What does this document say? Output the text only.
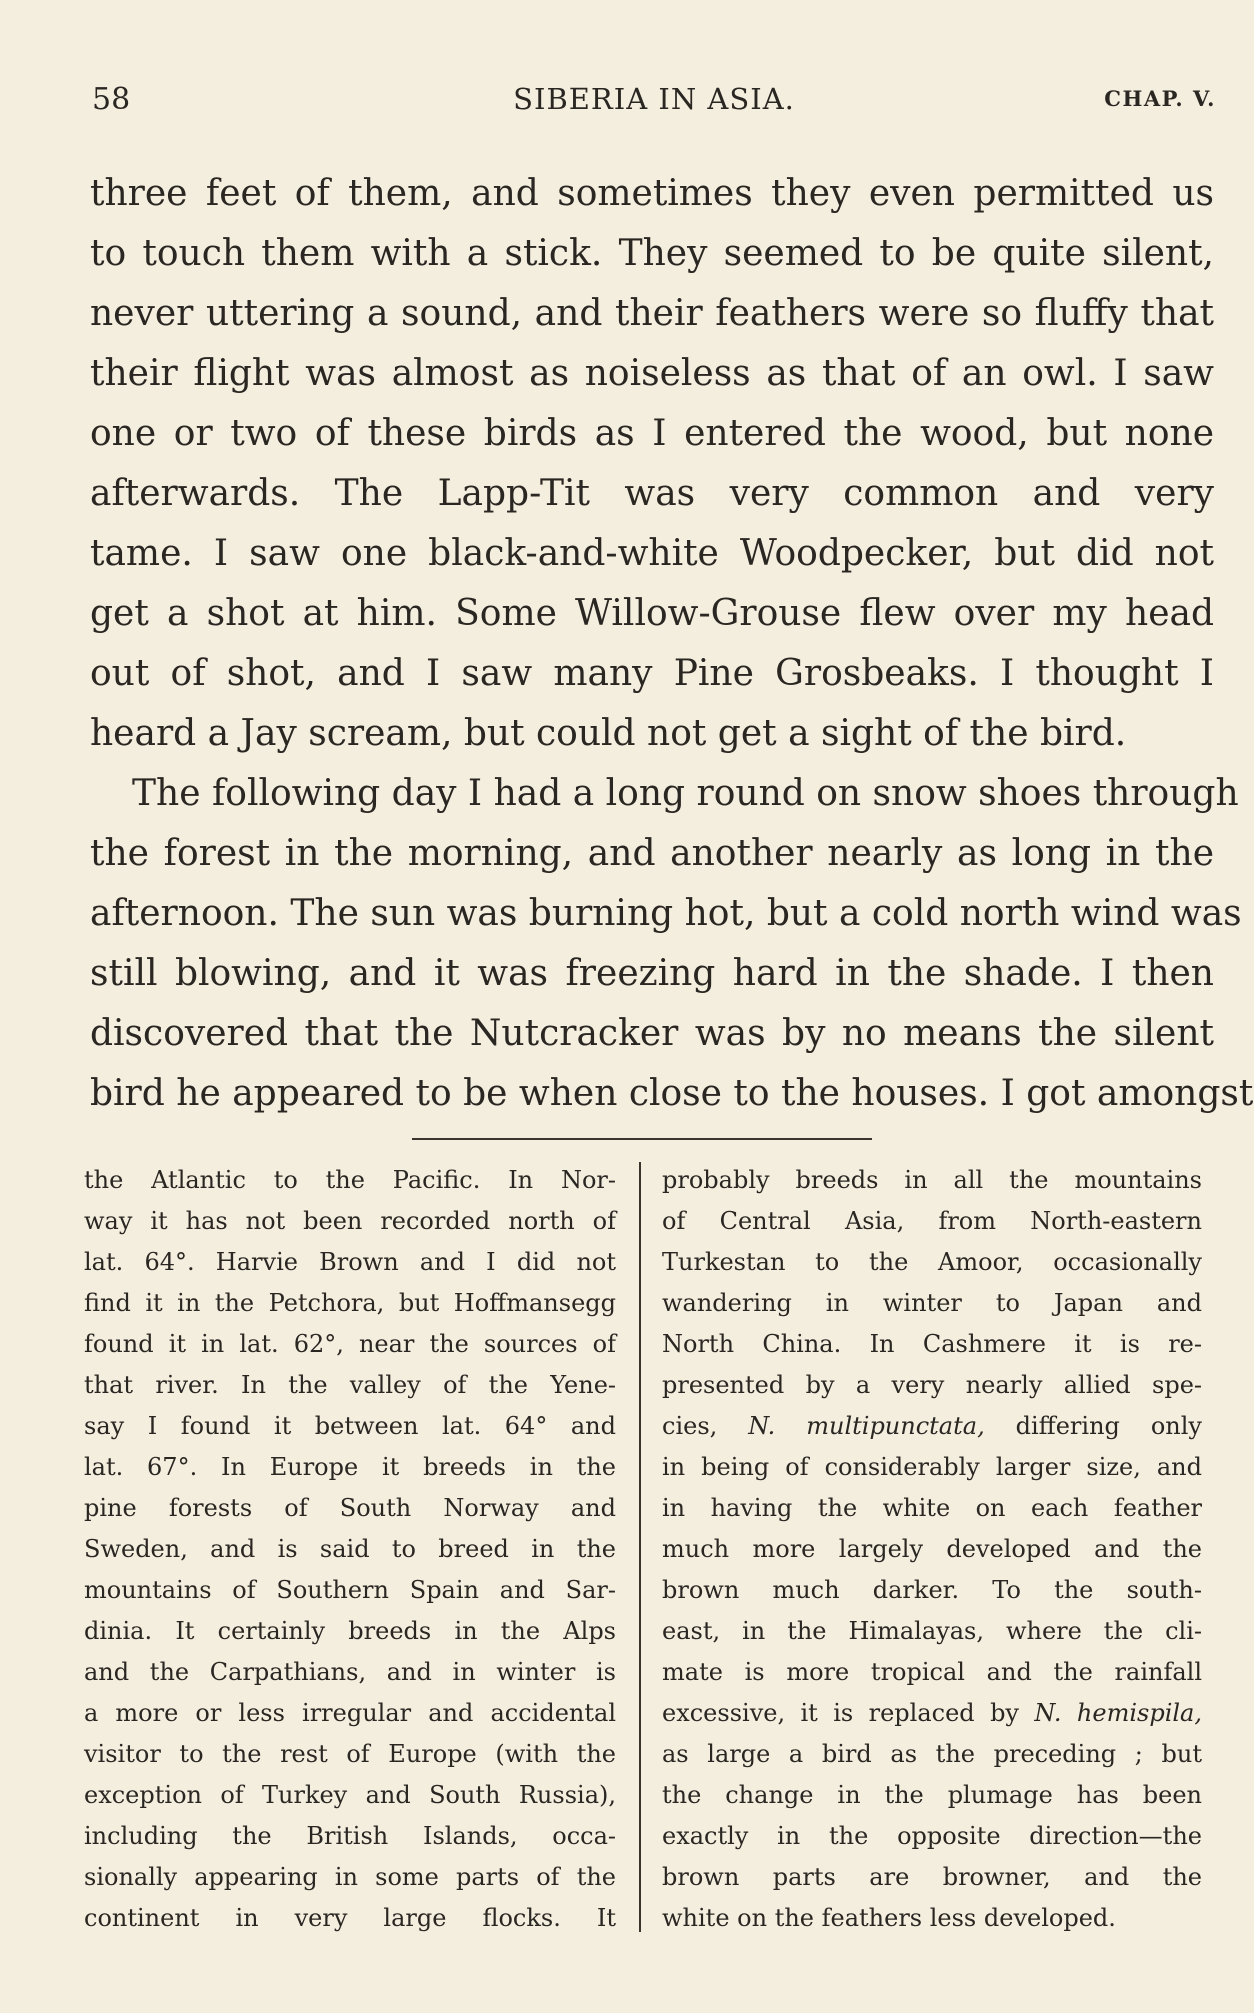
58	SIBERIA IN ASIA.	CHAP. V.
three feet of them, and sometimes they even permitted us
to touch them with a stick. They seemed to be quite silent,
never uttering a sound, and their feathers were so fluffy that
their flight was almost as noiseless as that of an owl. I saw
one or two of these birds as I entered the wood, but none
afterwards. The Lapp-Tit was very common and very
tame. I saw one black-and-white Woodpecker, but did not
get a shot at him. Some Willow-Grouse flew over my head
out of shot, and I saw many Pine Grosbeaks. I thought I
heard a Jay scream, but could not get a sight of the bird.
The following day I had a long round on snow shoes through
the forest in the morning, and another nearly as long in the
afternoon. The sun was burning hot, but a cold north wind was
still blowing, and it was freezing hard in the shade. I then
discovered that the Nutcracker was by no means the silent
bird he appeared to be when close to the houses. I got amongst
the Atlantic to the Pacific. In Nor-
way it has not been recorded north of
lat. 64°. Harvie Brown and I did not
find it in the Petchora, but Hoffmansegg
found it in lat. 62°, near the sources of
that river. In the valley of the Yene-
say I found it between lat. 64° and
lat. 67°. In Europe it breeds in the
pine forests of South Norway and
Sweden, and is said to breed in the
mountains of Southern Spain and Sar-
dinia. It certainly breeds in the Alps
and the Carpathians, and in winter is
a more or less irregular and accidental
visitor to the rest of Europe (with the
exception of Turkey and South Russia),
including the British Islands, occa-
sionally appearing in some parts of the
continent in very large flocks. It
probably breeds in all the mountains
of Central Asia, from North-eastern
Turkestan to the Amoor, occasionally
wandering in winter to Japan and
North China. In Cashmere it is re-
presented by a very nearly allied spe-
cies, N. multipunctata, differing only
in being of considerably larger size, and
in having the white on each feather
much more largely developed and the
brown much darker. To the south-
east, in the Himalayas, where the cli-
mate is more tropical and the rainfall
excessive, it is replaced by N. hemispila,
as large a bird as the preceding ; but
the change in the plumage has been
exactly in the opposite direction—the
brown parts are browner, and the
white on the feathers less developed.
